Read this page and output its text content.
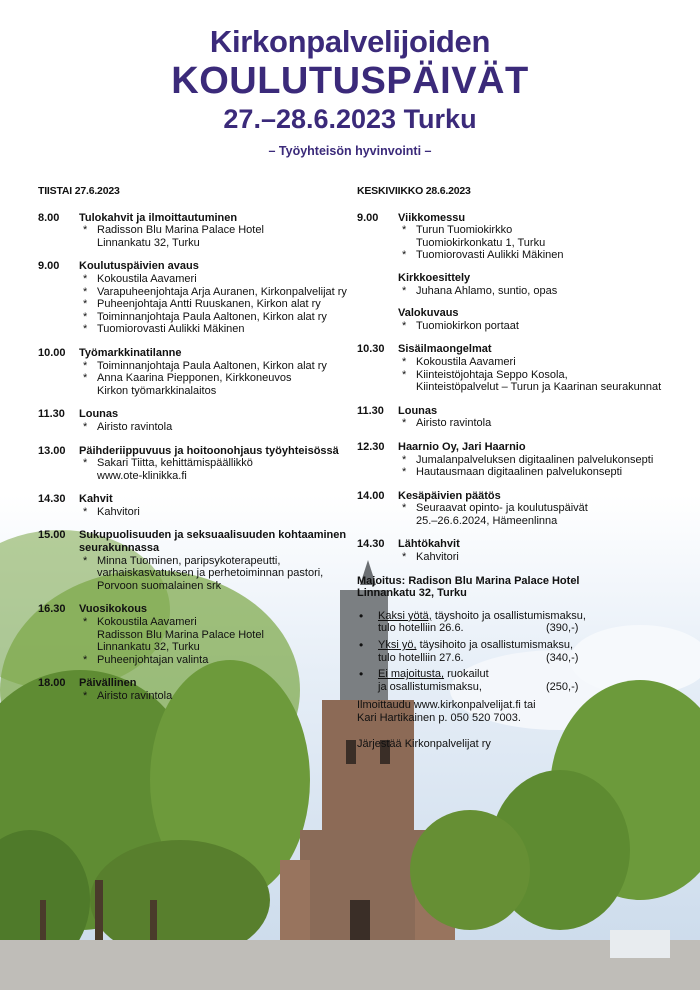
Kirkonpalvelijoiden
KOULUTUSPÄIVÄT
27.–28.6.2023 Turku
– Työyhteisön hyvinvointi –
TIISTAI 27.6.2023
8.00 Tulokahvit ja ilmoittautuminen
* Radisson Blu Marina Palace Hotel
Linnankatu 32, Turku
9.00 Koulutuspäivien avaus
* Kokoustila Aavameri
* Varapuheenjohtaja Arja Auranen, Kirkonpalvelijat ry
* Puheenjohtaja Antti Ruuskanen, Kirkon alat ry
* Toiminnanjohtaja Paula Aaltonen, Kirkon alat ry
* Tuomiorovasti Aulikki Mäkinen
10.00 Työmarkkinatilanne
* Toiminnanjohtaja Paula Aaltonen, Kirkon alat ry
* Anna Kaarina Piepponen, Kirkkoneuvos
Kirkon työmarkkinalaitos
11.30 Lounas
* Airisto ravintola
13.00 Päihderiippuvuus ja hoitoonohjaus työyhteisössä
* Sakari Tiitta, kehittämispäällikkö
www.ote-klinikka.fi
14.30 Kahvit
* Kahvitori
15.00 Sukupuolisuuden ja seksuaalisuuden kohtaaminen seurakunnassa
* Minna Tuominen, paripsykoterapeutti,
varhaiskasvatuksen ja perhetoiminnan pastori,
Porvoon suomalainen srk
16.30 Vuosikokous
* Kokoustila Aavameri
Radisson Blu Marina Palace Hotel
Linnankatu 32, Turku
* Puheenjohtajan valinta
18.00 Päivällinen
* Airisto ravintola
KESKIVIIKKO 28.6.2023
9.00 Viikkomessu
* Turun Tuomiokirkko
Tuomiokirkonkatu 1, Turku
* Tuomiorovasti Aulikki Mäkinen
Kirkkoesittely
* Juhana Ahlamo, suntio, opas
Valokuvaus
* Tuomiokirkon portaat
10.30 Sisäilmaongelmat
* Kokoustila Aavameri
* Kiinteistöjohtaja Seppo Kosola,
Kiinteistöpalvelut – Turun ja Kaarinan seurakunnat
11.30 Lounas
* Airisto ravintola
12.30 Haarnio Oy, Jari Haarnio
* Jumalanpalveluksen digitaalinen palvelukonsepti
* Hautausmaan digitaalinen palvelukonsepti
14.00 Kesäpäivien päätös
* Seuraavat opinto- ja koulutuspäivät
25.–26.6.2024, Hämeenlinna
14.30 Lähtökahvit
* Kahvitori
Majoitus: Radison Blu Marina Palace Hotel
Linnankatu 32, Turku
• Kaksi yötä, täyshoito ja osallistumismaksu,
tulo hotelliin 26.6.	(390,-)
• Yksi yö, täysihoito ja osallistumismaksu,
tulo hotelliin 27.6.	(340,-)
• Ei majoitusta, ruokailut
ja osallistumismaksu,	(250,-)
Ilmoittaudu www.kirkonpalvelijat.fi tai
Kari Hartikainen p. 050 520 7003.
Järjestää Kirkonpalvelijat ry
